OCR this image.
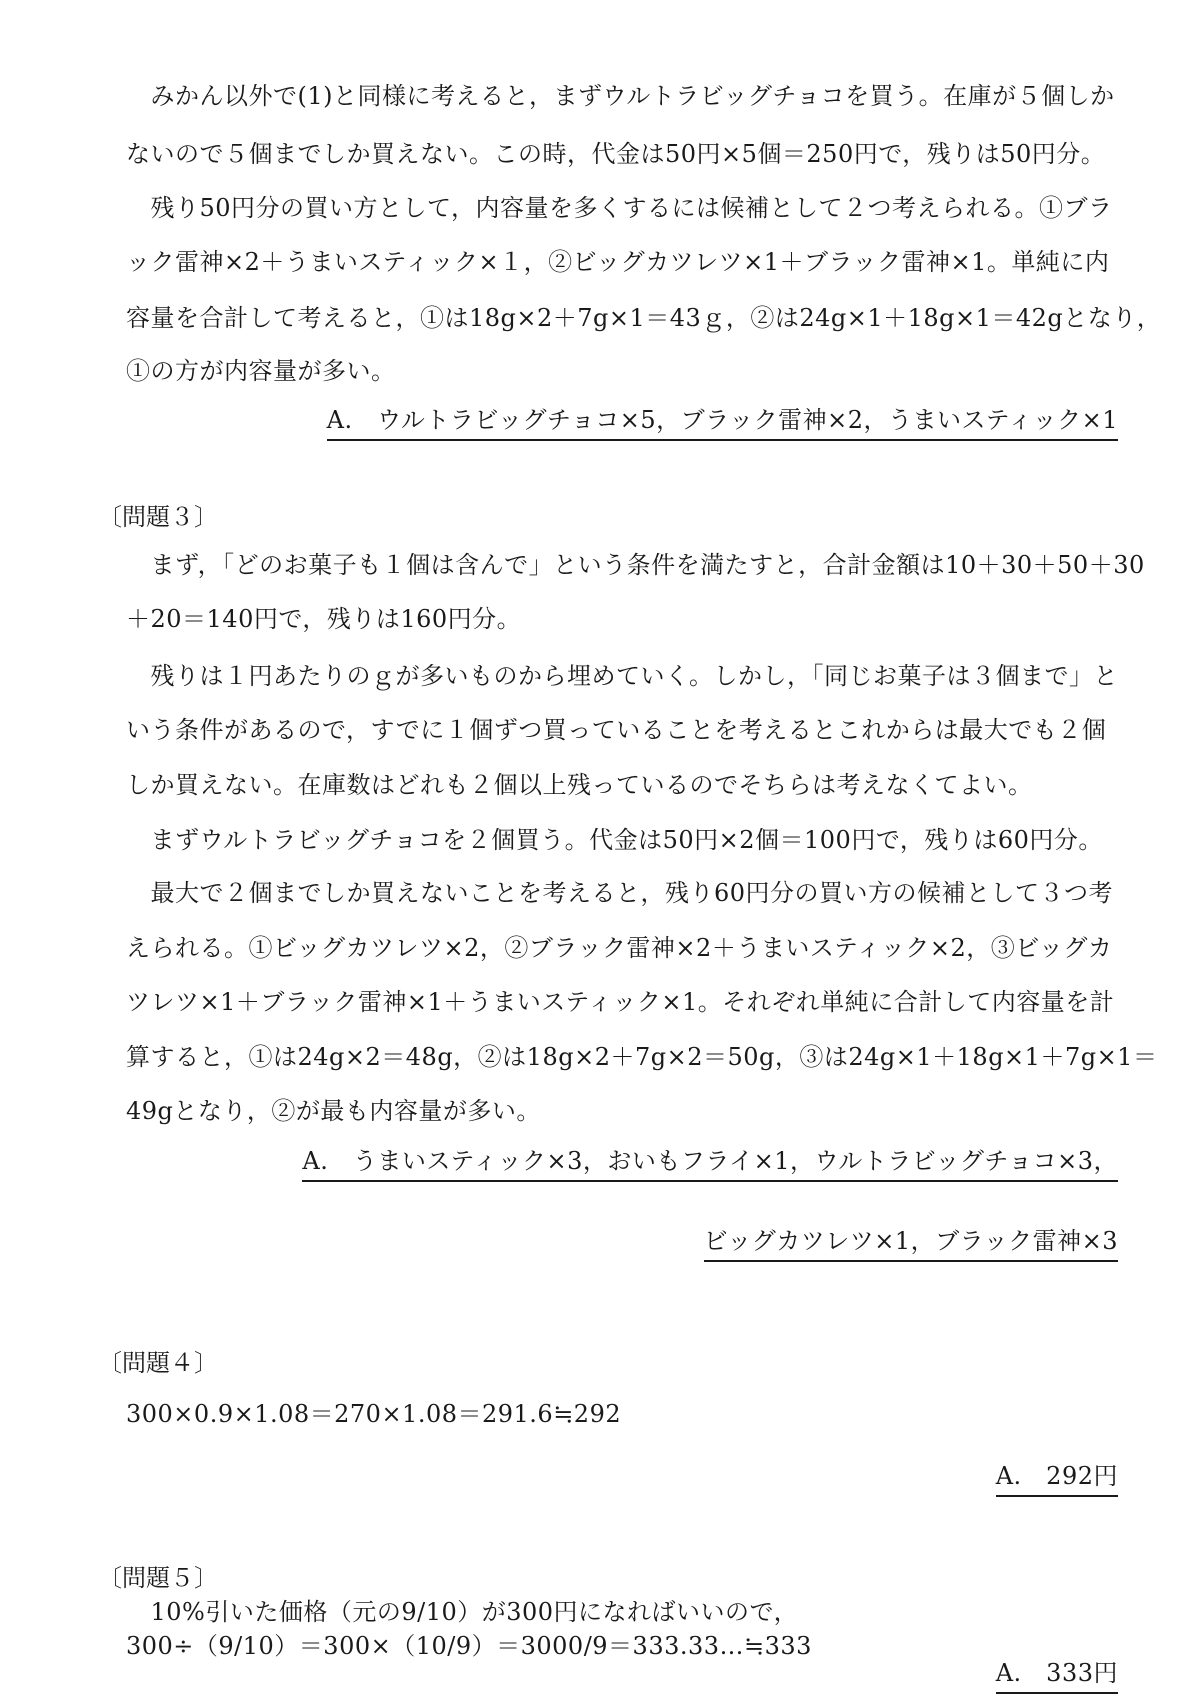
　みかん以外で(1)と同様に考えると，まずウルトラビッグチョコを買う。在庫が５個しか
ないので５個までしか買えない。この時，代金は50円×5個＝250円で，残りは50円分。
　残り50円分の買い方として，内容量を多くするには候補として２つ考えられる。①ブラ
ック雷神×2＋うまいスティック×１，②ビッグカツレツ×1＋ブラック雷神×1。単純に内
容量を合計して考えると，①は18g×2＋7g×1＝43ｇ，②は24g×1＋18g×1＝42gとなり，
①の方が内容量が多い。
A.　ウルトラビッグチョコ×5，ブラック雷神×2，うまいスティック×1
〔問題３〕
　まず，「どのお菓子も１個は含んで」という条件を満たすと，合計金額は10＋30＋50＋30
＋20＝140円で，残りは160円分。
　残りは１円あたりのｇが多いものから埋めていく。しかし，「同じお菓子は３個まで」と
いう条件があるので，すでに１個ずつ買っていることを考えるとこれからは最大でも２個
しか買えない。在庫数はどれも２個以上残っているのでそちらは考えなくてよい。
　まずウルトラビッグチョコを２個買う。代金は50円×2個＝100円で，残りは60円分。
　最大で２個までしか買えないことを考えると，残り60円分の買い方の候補として３つ考
えられる。①ビッグカツレツ×2，②ブラック雷神×2＋うまいスティック×2，③ビッグカ
ツレツ×1＋ブラック雷神×1＋うまいスティック×1。それぞれ単純に合計して内容量を計
算すると，①は24g×2＝48g，②は18g×2＋7g×2＝50g，③は24g×1＋18g×1＋7g×1＝
49gとなり，②が最も内容量が多い。
A.　うまいスティック×3，おいもフライ×1，ウルトラビッグチョコ×3，
ビッグカツレツ×1，ブラック雷神×3
〔問題４〕
300×0.9×1.08＝270×1.08＝291.6≒292
A.　292円
〔問題５〕
　10%引いた価格（元の9/10）が300円になればいいので，
300÷（9/10）＝300×（10/9）＝3000/9＝333.33…≒333
A.　333円
